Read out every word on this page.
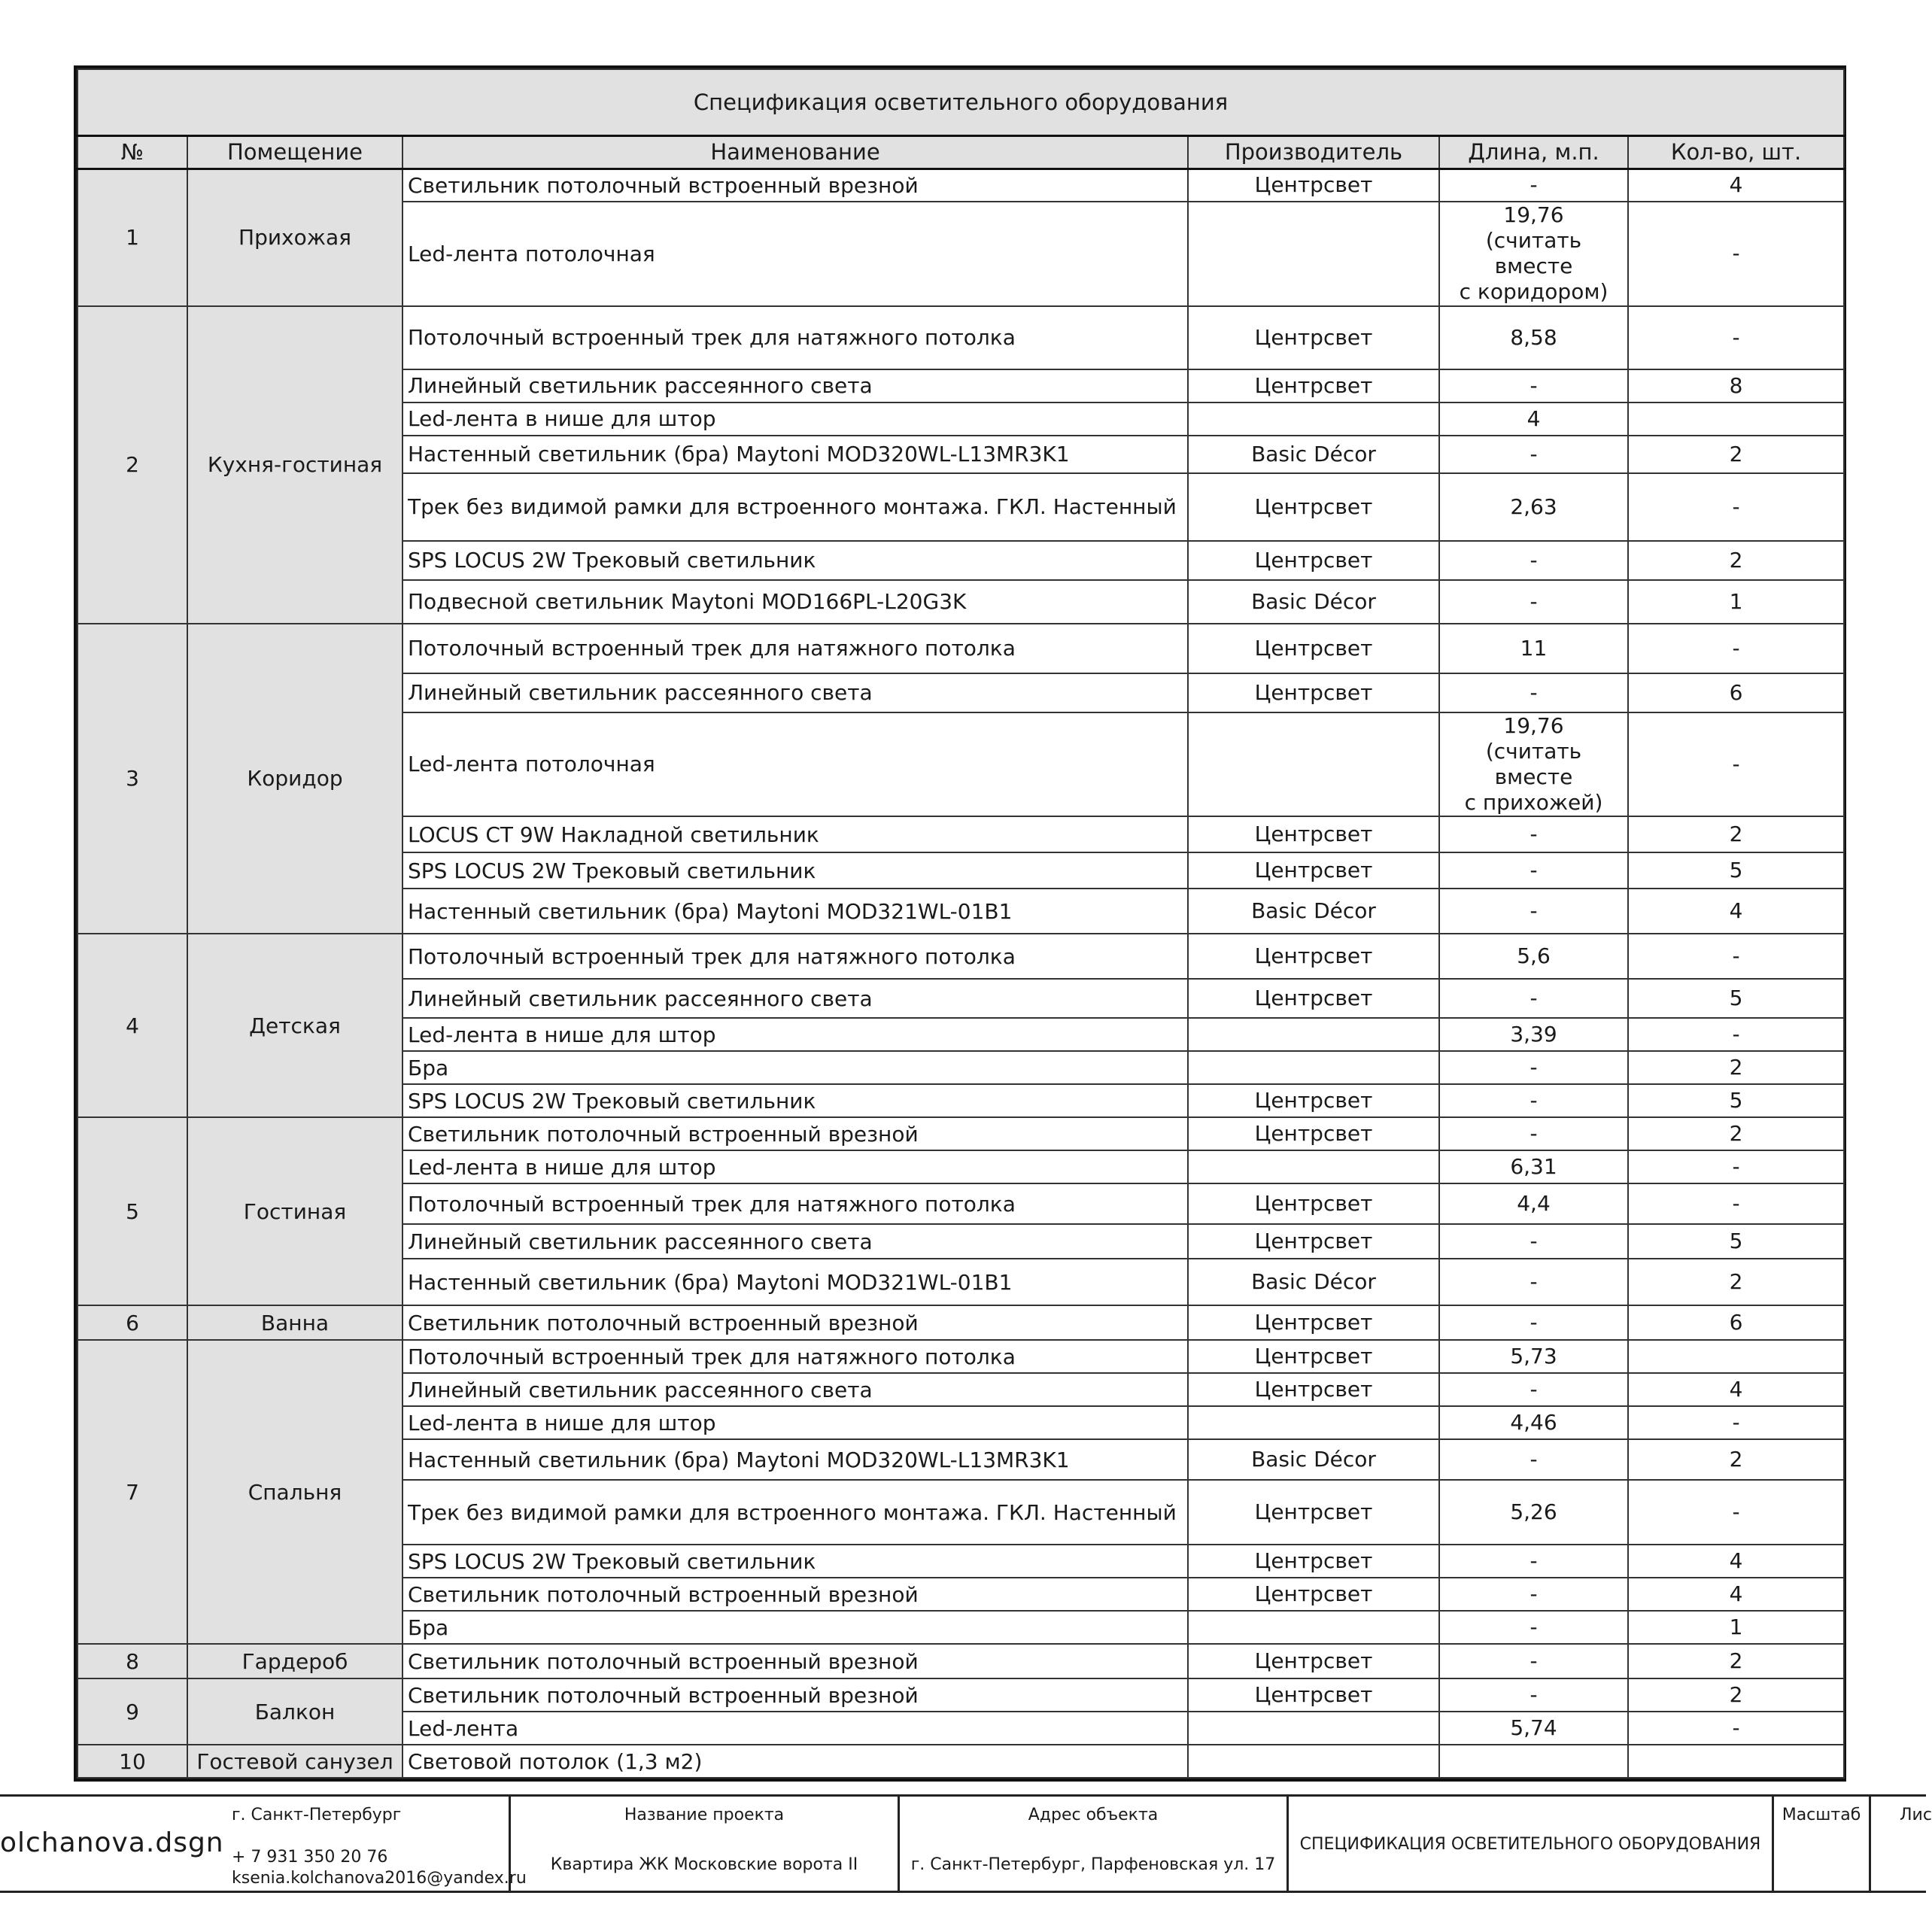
Спецификация осветительного оборудования					
№	Помещение	Наименование	Производитель	Длина, м.п.	Кол-во, шт.
1	Прихожая	Светильник потолочный встроенный врезной	Центрсвет	-	4
		Led-лента потолочная		19,76
(считать вместе
с коридором)	-
2	Кухня-гостиная	Потолочный встроенный трек для натяжного потолка	Центрсвет	8,58	-
		Линейный светильник рассеянного света	Центрсвет	-	8
		Led-лента в нише для штор		4	
		Настенный светильник (бра) Maytoni MOD320WL-L13MR3K1	Basic Décor	-	2
		Трек без видимой рамки для встроенного монтажа. ГКЛ. Настенный	Центрсвет	2,63	-
		SPS LOCUS 2W Трековый светильник	Центрсвет	-	2
		Подвесной светильник Maytoni MOD166PL-L20G3K	Basic Décor	-	1
3	Коридор	Потолочный встроенный трек для натяжного потолка	Центрсвет	11	-
		Линейный светильник рассеянного света	Центрсвет	-	6
		Led-лента потолочная		19,76
(считать вместе
с прихожей)	-
		LOCUS CT 9W Накладной светильник	Центрсвет	-	2
		SPS LOCUS 2W Трековый светильник	Центрсвет	-	5
		Настенный светильник (бра) Maytoni MOD321WL-01B1	Basic Décor	-	4
4	Детская	Потолочный встроенный трек для натяжного потолка	Центрсвет	5,6	-
		Линейный светильник рассеянного света	Центрсвет	-	5
		Led-лента в нише для штор		3,39	-
		Бра		-	2
		SPS LOCUS 2W Трековый светильник	Центрсвет	-	5
5	Гостиная	Светильник потолочный встроенный врезной	Центрсвет	-	2
		Led-лента в нише для штор		6,31	-
		Потолочный встроенный трек для натяжного потолка	Центрсвет	4,4	-
		Линейный светильник рассеянного света	Центрсвет	-	5
		Настенный светильник (бра) Maytoni MOD321WL-01B1	Basic Décor	-	2
6	Ванна	Светильник потолочный встроенный врезной	Центрсвет	-	6
7	Спальня	Потолочный встроенный трек для натяжного потолка	Центрсвет	5,73	
		Линейный светильник рассеянного света	Центрсвет	-	4
		Led-лента в нише для штор		4,46	-
		Настенный светильник (бра) Maytoni MOD320WL-L13MR3K1	Basic Décor	-	2
		Трек без видимой рамки для встроенного монтажа. ГКЛ. Настенный	Центрсвет	5,26	-
		SPS LOCUS 2W Трековый светильник	Центрсвет	-	4
		Светильник потолочный встроенный врезной	Центрсвет	-	4
		Бра		-	1
8	Гардероб	Светильник потолочный встроенный врезной	Центрсвет	-	2
9	Балкон	Светильник потолочный встроенный врезной	Центрсвет	-	2
		Led-лента		5,74	-
10	Гостевой санузел	Световой потолок (1,3 м2)			
olchanova.dsgn
г. Санкт-Петербург
+ 7 931 350 20 76
ksenia.kolchanova2016@yandex.ru
Название проекта
Квартира ЖК Московские ворота II
Адрес объекта
г. Санкт-Петербург, Парфеновская ул. 17
СПЕЦИФИКАЦИЯ ОСВЕТИТЕЛЬНОГО ОБОРУДОВАНИЯ
Масштаб	Лис
